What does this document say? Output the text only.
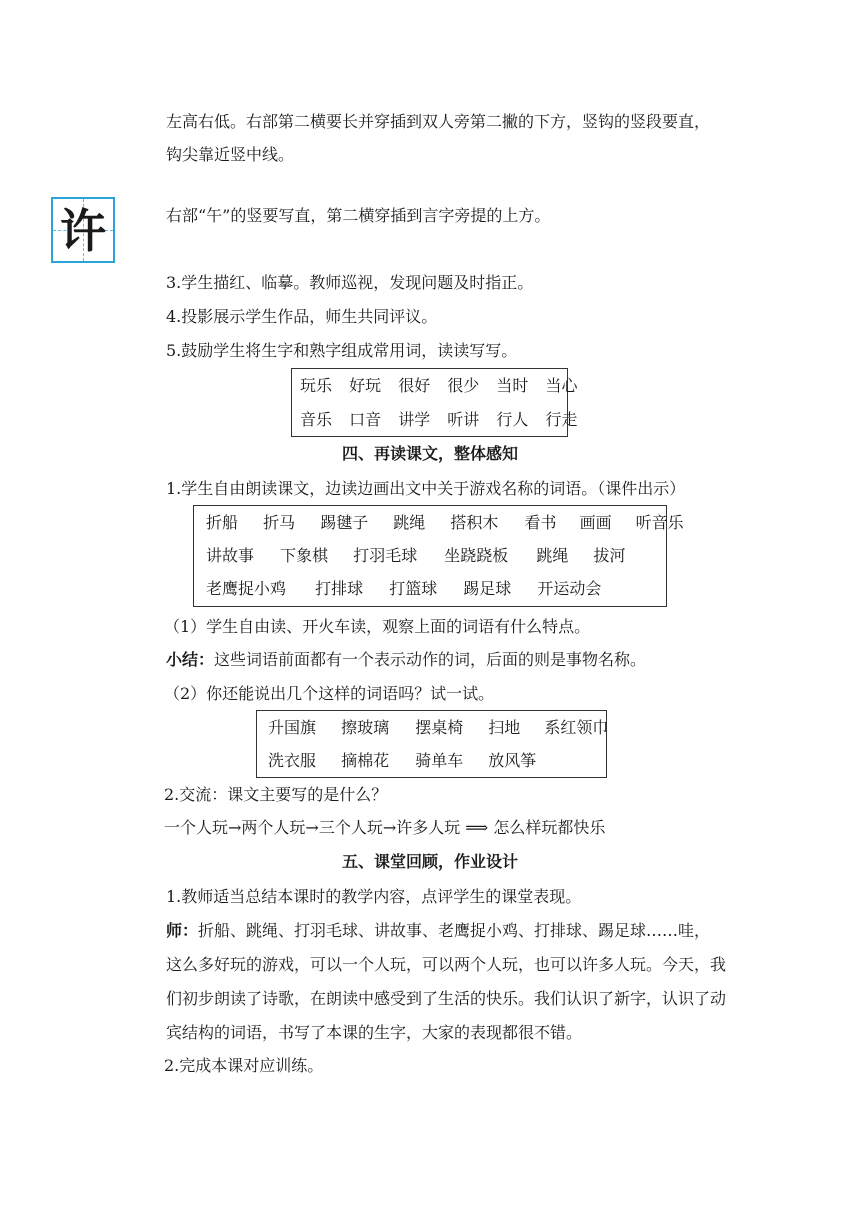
左高右低。右部第二横要长并穿插到双人旁第二撇的下方，竖钩的竖段要直，
钩尖靠近竖中线。
许	右部“午”的竖要写直，第二横穿插到言字旁提的上方。
3.学生描红、临摹。教师巡视，发现问题及时指正。
4.投影展示学生作品，师生共同评议。
5.鼓励学生将生字和熟字组成常用词，读读写写。
玩乐 好玩 很好 很少 当时 当心
音乐 口音 讲学 听讲 行人 行走
四、再读课文，整体感知
1.学生自由朗读课文，边读边画出文中关于游戏名称的词语。（课件出示）
折船 折马 踢毽子 跳绳 搭积木 看书 画画 听音乐
讲故事 下象棋 打羽毛球 坐跷跷板 跳绳 拔河
老鹰捉小鸡 打排球 打篮球 踢足球 开运动会
（1）学生自由读、开火车读，观察上面的词语有什么特点。
小结：这些词语前面都有一个表示动作的词，后面的则是事物名称。
（2）你还能说出几个这样的词语吗？试一试。
升国旗 擦玻璃 摆桌椅 扫地 系红领巾
洗衣服 摘棉花 骑单车 放风筝
2.交流：课文主要写的是什么？
一个人玩→两个人玩→三个人玩→许多人玩 ⟹ 怎么样玩都快乐
五、课堂回顾，作业设计
1.教师适当总结本课时的教学内容，点评学生的课堂表现。
师：折船、跳绳、打羽毛球、讲故事、老鹰捉小鸡、打排球、踢足球……哇，
这么多好玩的游戏，可以一个人玩，可以两个人玩，也可以许多人玩。今天，我
们初步朗读了诗歌，在朗读中感受到了生活的快乐。我们认识了新字，认识了动
宾结构的词语，书写了本课的生字，大家的表现都很不错。
2.完成本课对应训练。
